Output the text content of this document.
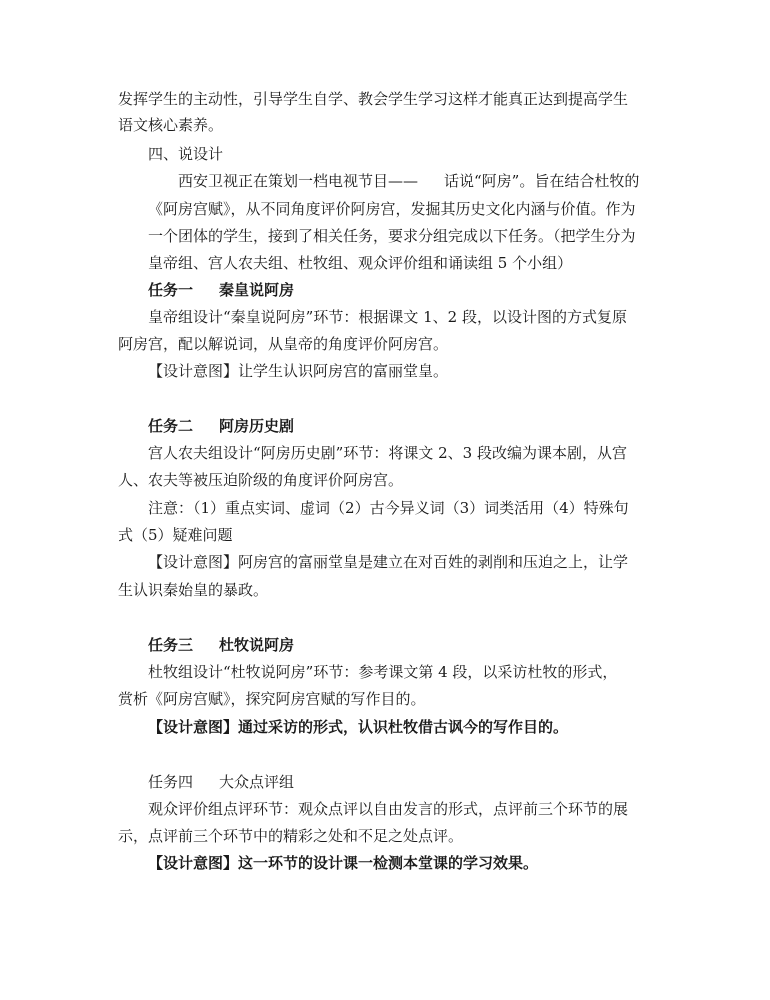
发挥学生的主动性，引导学生自学、教会学生学习这样才能真正达到提高学生

语文核心素养。

四、说设计

西安卫视正在策划一档电视节目—— 话说“阿房”。旨在结合杜牧的

《阿房宫赋》，从不同角度评价阿房宫，发掘其历史文化内涵与价值。作为

一个团体的学生，接到了相关任务，要求分组完成以下任务。（把学生分为

皇帝组、宫人农夫组、杜牧组、观众评价组和诵读组 5 个小组）

任务一 秦皇说阿房

皇帝组设计“秦皇说阿房”环节：根据课文 1、2 段，以设计图的方式复原

阿房宫，配以解说词，从皇帝的角度评价阿房宫。

【设计意图】让学生认识阿房宫的富丽堂皇。

任务二 阿房历史剧

宫人农夫组设计“阿房历史剧”环节：将课文 2、3 段改编为课本剧，从宫

人、农夫等被压迫阶级的角度评价阿房宫。

注意：（1）重点实词、虚词（2）古今异义词（3）词类活用（4）特殊句

式（5）疑难问题

【设计意图】阿房宫的富丽堂皇是建立在对百姓的剥削和压迫之上，让学

生认识秦始皇的暴政。

任务三 杜牧说阿房

杜牧组设计“杜牧说阿房”环节：参考课文第 4 段，以采访杜牧的形式，

赏析《阿房宫赋》，探究阿房宫赋的写作目的。

【设计意图】通过采访的形式，认识杜牧借古讽今的写作目的。

任务四 大众点评组

观众评价组点评环节：观众点评以自由发言的形式，点评前三个环节的展

示，点评前三个环节中的精彩之处和不足之处点评。

【设计意图】这一环节的设计课一检测本堂课的学习效果。
